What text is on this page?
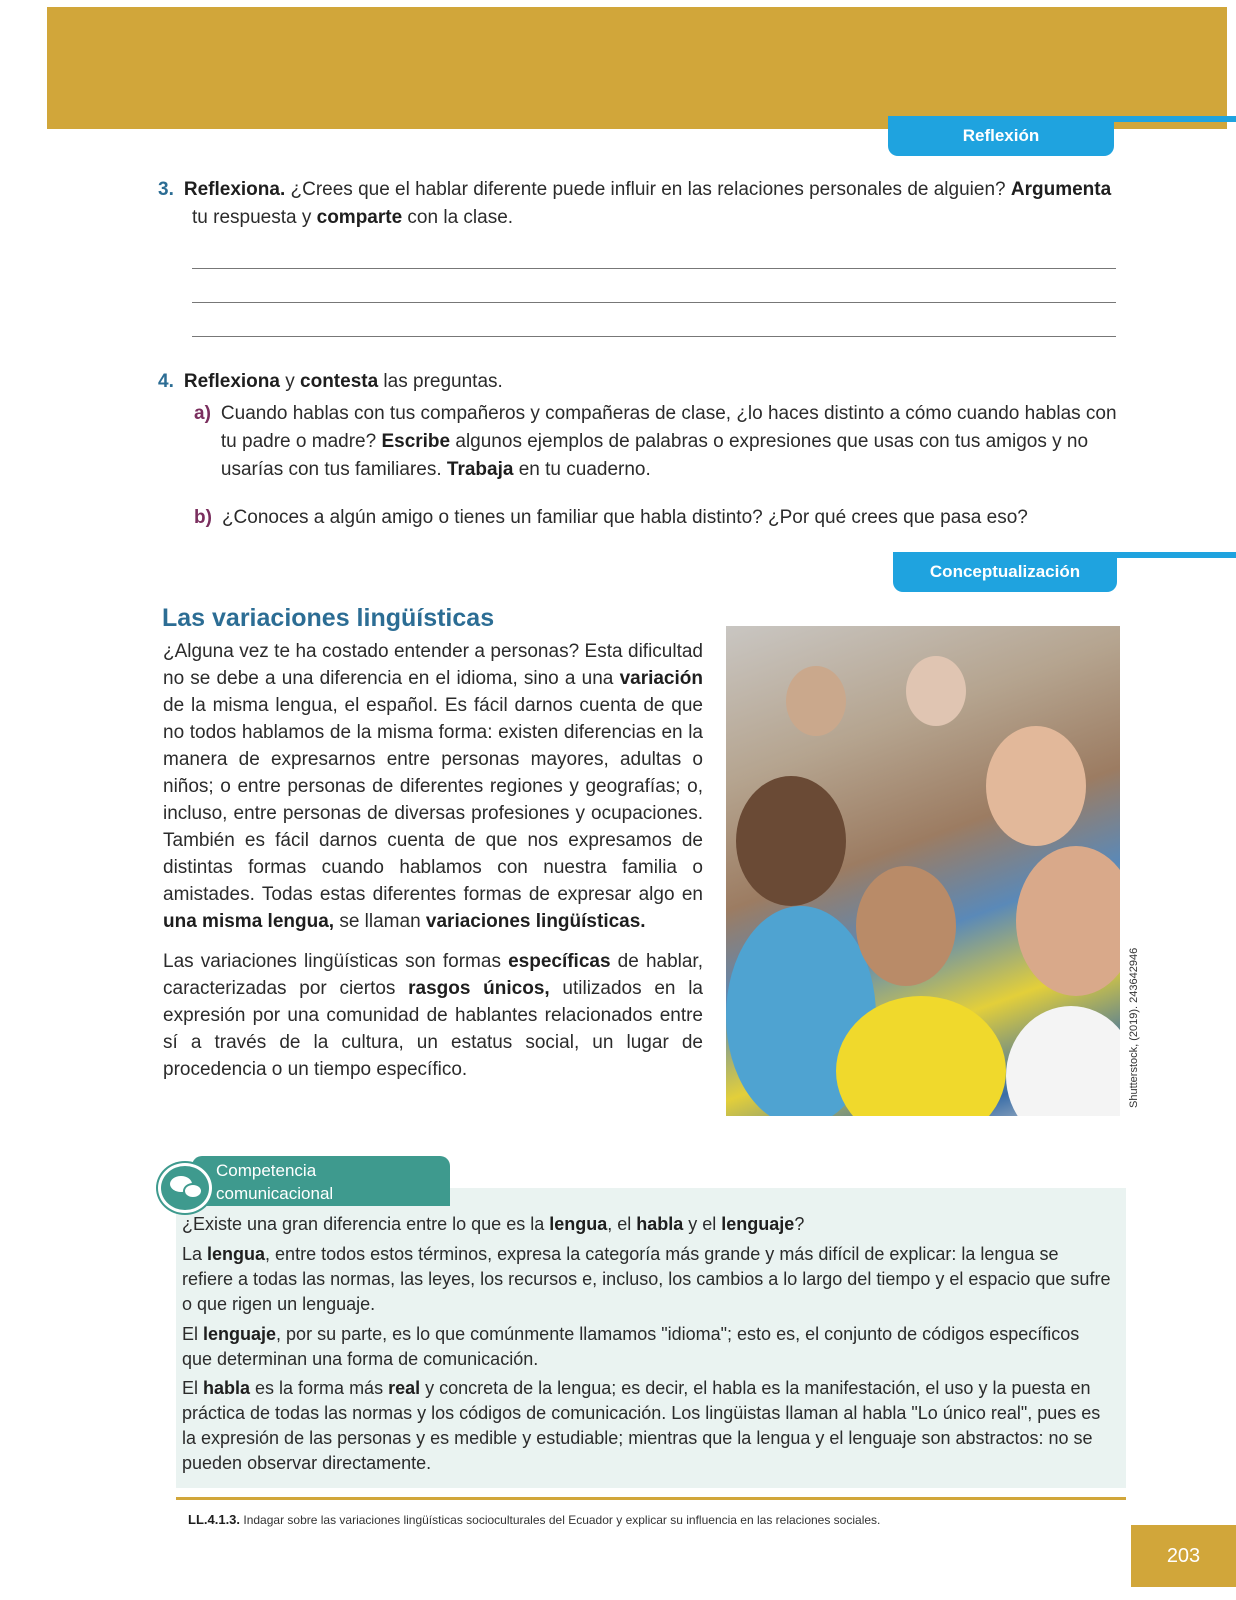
Reflexión
3. Reflexiona. ¿Crees que el hablar diferente puede influir en las relaciones personales de alguien? Argumenta
tu respuesta y comparte con la clase.
4. Reflexiona y contesta las preguntas.
a) Cuando hablas con tus compañeros y compañeras de clase, ¿lo haces distinto a cómo cuando hablas con tu padre o madre? Escribe algunos ejemplos de palabras o expresiones que usas con tus amigos y no usarías con tus familiares. Trabaja en tu cuaderno.
b) ¿Conoces a algún amigo o tienes un familiar que habla distinto? ¿Por qué crees que pasa eso?
Conceptualización
Las variaciones lingüísticas

¿Alguna vez te ha costado entender a personas? Esta dificultad no se debe a una diferencia en el idioma, sino a una variación de la misma lengua, el español. Es fácil darnos cuenta de que no todos hablamos de la misma forma: existen diferencias en la manera de expresarnos entre personas mayores, adultas o niños; o entre personas de diferentes regiones y geografías; o, incluso, entre personas de diversas profesiones y ocupaciones. También es fácil darnos cuenta de que nos expresamos de distintas formas cuando hablamos con nuestra familia o amistades. Todas estas diferentes formas de expresar algo en una misma lengua, se llaman variaciones lingüísticas.

Las variaciones lingüísticas son formas específicas de hablar, caracterizadas por ciertos rasgos únicos, utilizados en la expresión por una comunidad de hablantes relacionados entre sí a través de la cultura, un estatus social, un lugar de procedencia o un tiempo específico.	Shutterstock, (2019). 243642946
Competencia
comunicacional

¿Existe una gran diferencia entre lo que es la lengua, el habla y el lenguaje?

La lengua, entre todos estos términos, expresa la categoría más grande y más difícil de explicar: la lengua se refiere a todas las normas, las leyes, los recursos e, incluso, los cambios a lo largo del tiempo y el espacio que sufre o que rigen un lenguaje.

El lenguaje, por su parte, es lo que comúnmente llamamos "idioma"; esto es, el conjunto de códigos específicos que determinan una forma de comunicación.

El habla es la forma más real y concreta de la lengua; es decir, el habla es la manifestación, el uso y la puesta en práctica de todas las normas y los códigos de comunicación. Los lingüistas llaman al habla "Lo único real", pues es la expresión de las personas y es medible y estudiable; mientras que la lengua y el lenguaje son abstractos: no se pueden observar directamente.

LL.4.1.3. Indagar sobre las variaciones lingüísticas socioculturales del Ecuador y explicar su influencia en las relaciones sociales.
203
